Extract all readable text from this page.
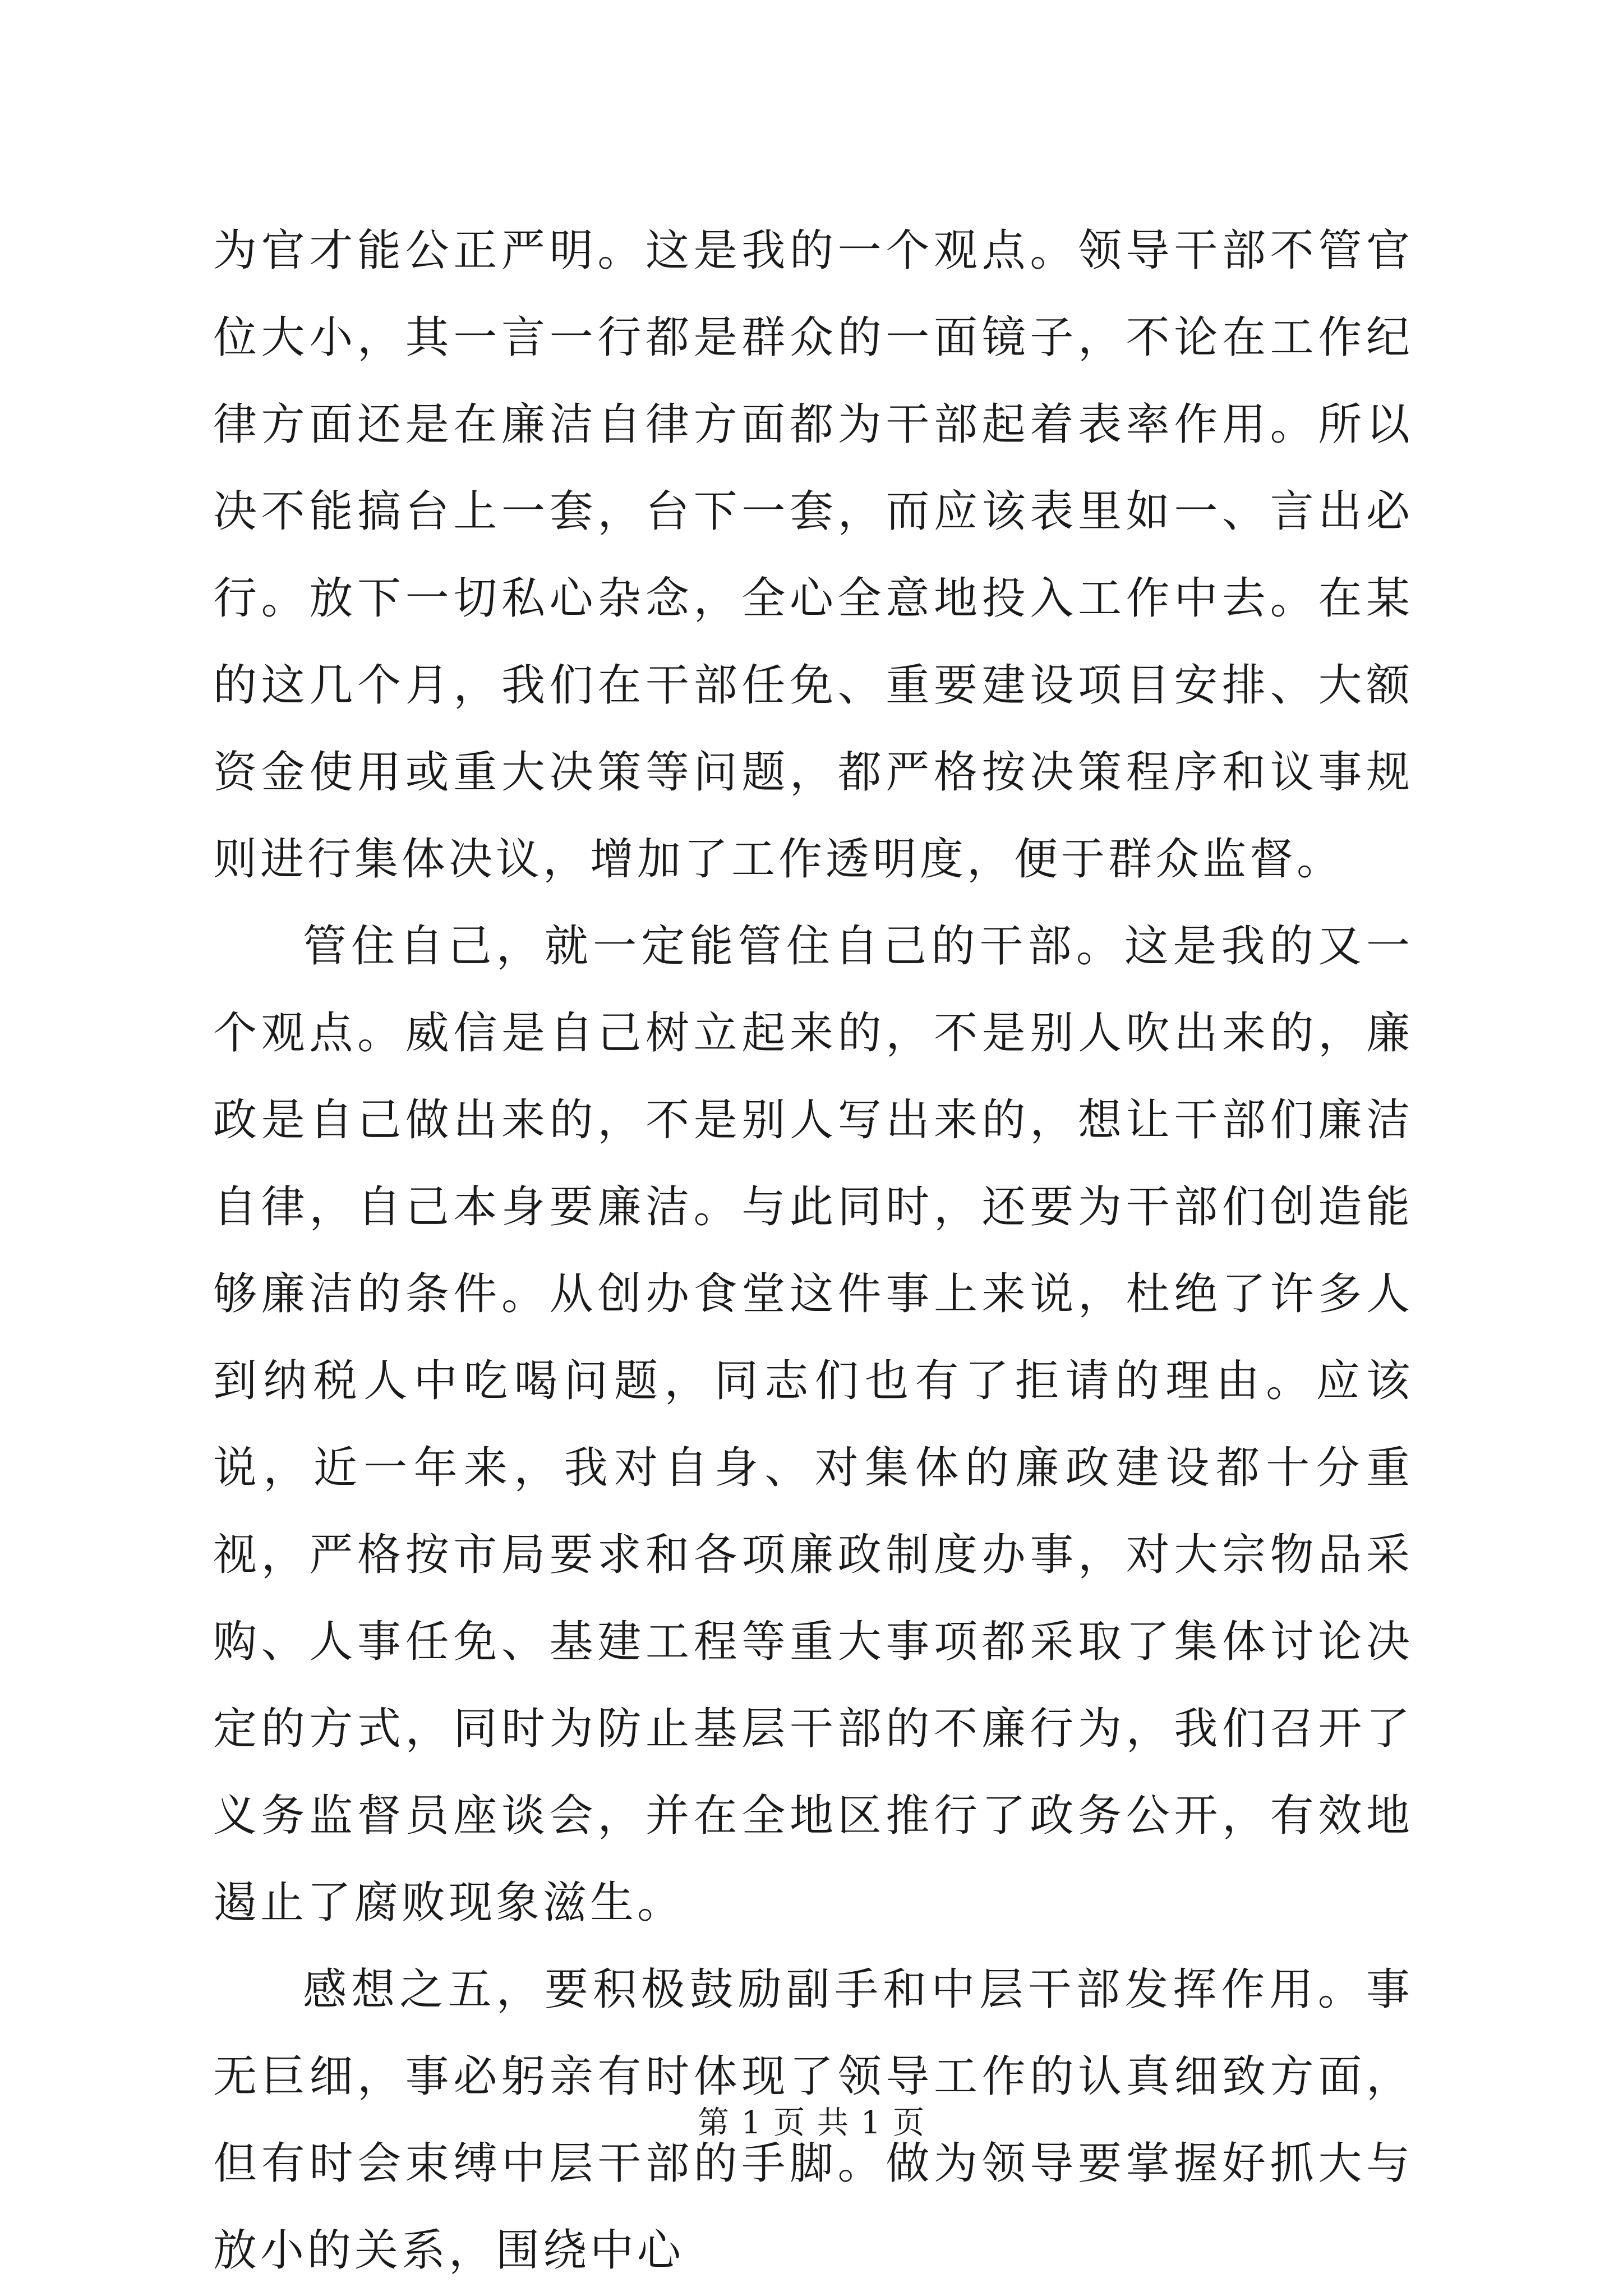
为官才能公正严明。这是我的一个观点。领导干部不管官位大小，其一言一行都是群众的一面镜子，不论在工作纪律方面还是在廉洁自律方面都为干部起着表率作用。所以决不能搞台上一套，台下一套，而应该表里如一、言出必行。放下一切私心杂念，全心全意地投入工作中去。在某的这几个月，我们在干部任免、重要建设项目安排、大额资金使用或重大决策等问题，都严格按决策程序和议事规则进行集体决议，增加了工作透明度，便于群众监督。

管住自己，就一定能管住自己的干部。这是我的又一个观点。威信是自己树立起来的，不是别人吹出来的，廉政是自己做出来的，不是别人写出来的，想让干部们廉洁自律，自己本身要廉洁。与此同时，还要为干部们创造能够廉洁的条件。从创办食堂这件事上来说，杜绝了许多人到纳税人中吃喝问题，同志们也有了拒请的理由。应该说，近一年来，我对自身、对集体的廉政建设都十分重视，严格按市局要求和各项廉政制度办事，对大宗物品采购、人事任免、基建工程等重大事项都采取了集体讨论决定的方式，同时为防止基层干部的不廉行为，我们召开了义务监督员座谈会，并在全地区推行了政务公开，有效地遏止了腐败现象滋生。

感想之五，要积极鼓励副手和中层干部发挥作用。事无巨细，事必躬亲有时体现了领导工作的认真细致方面，但有时会束缚中层干部的手脚。做为领导要掌握好抓大与放小的关系，围绕中心

第 1 页 共 1 页
